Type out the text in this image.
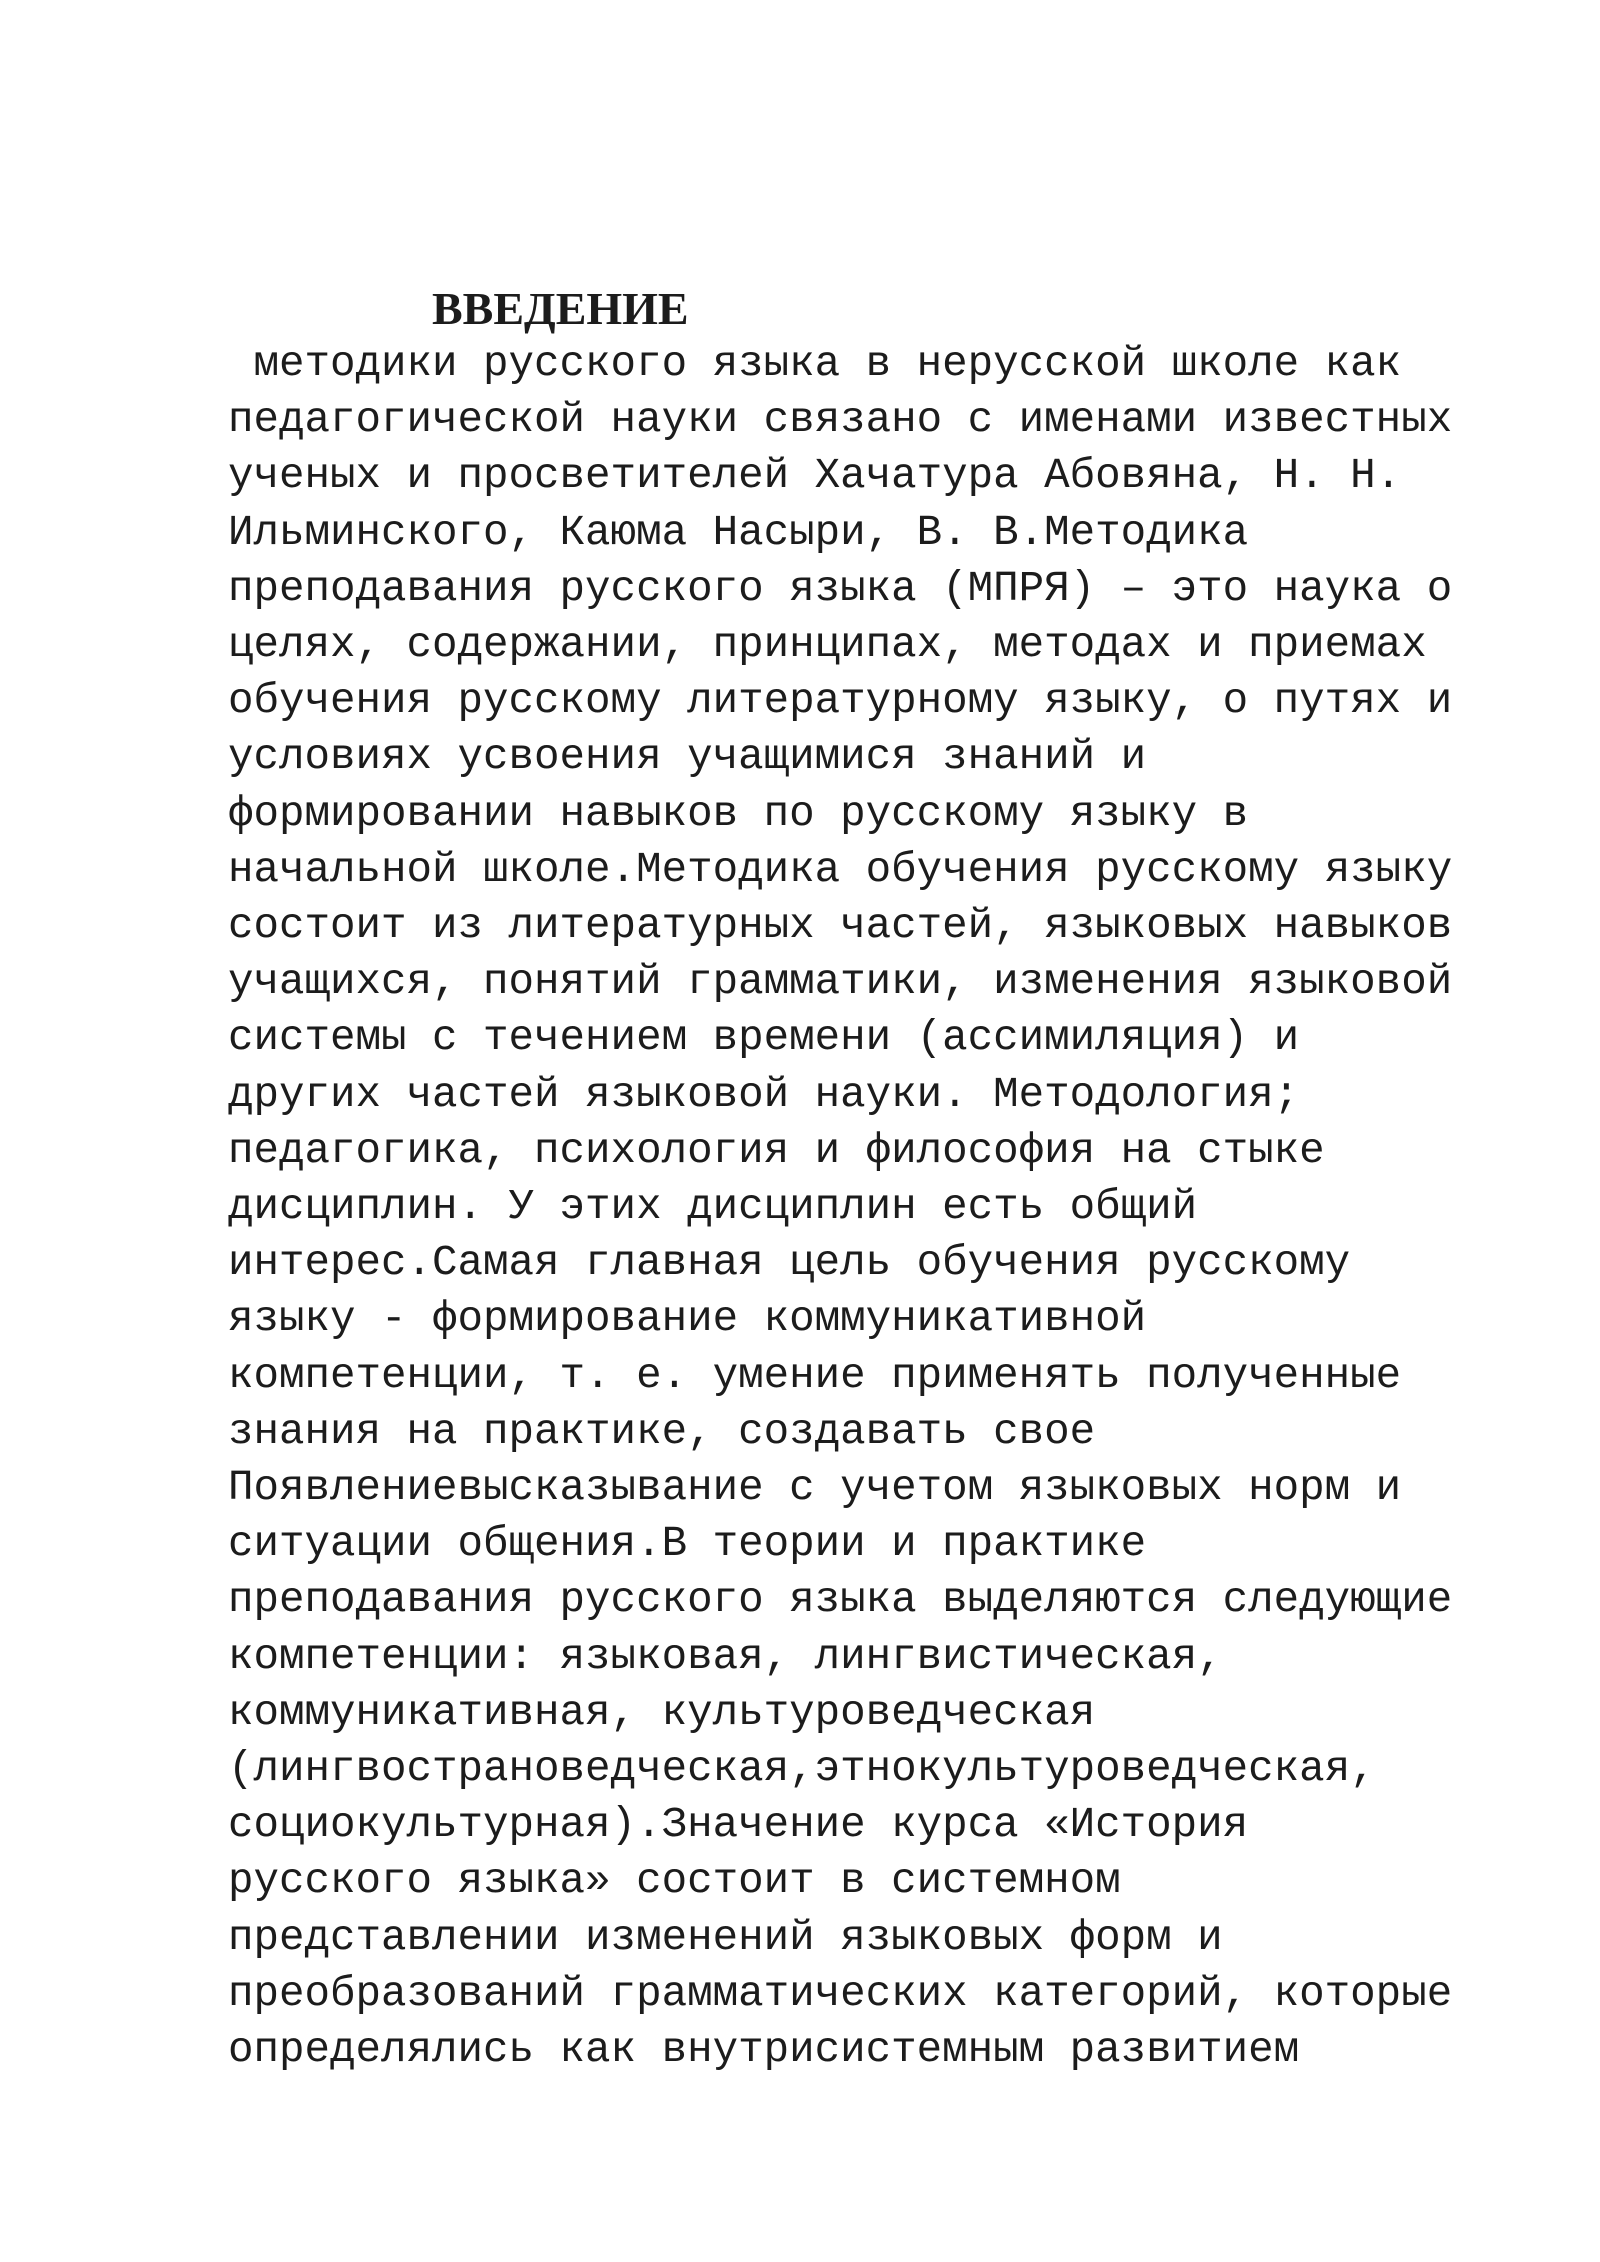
ВВЕДЕНИЕ
методики русского языка в нерусской школе как
педагогической науки связано с именами известных
ученых и просветителей Хачатура Абовяна, Н. Н.
Ильминского, Каюма Насыри, В. В.Методика
преподавания русского языка (МПРЯ) – это наука о
целях, содержании, принципах, методах и приемах
обучения русскому литературному языку, о путях и
условиях усвоения учащимися знаний и
формировании навыков по русскому языку в
начальной школе.Методика обучения русскому языку
состоит из литературных частей, языковых навыков
учащихся, понятий грамматики, изменения языковой
системы с течением времени (ассимиляция) и
других частей языковой науки. Методология;
педагогика, психология и философия на стыке
дисциплин. У этих дисциплин есть общий
интерес.Самая главная цель обучения русскому
языку - формирование коммуникативной
компетенции, т. е. умение применять полученные
знания на практике, создавать свое
Появлениевысказывание с учетом языковых норм и
ситуации общения.В теории и практике
преподавания русского языка выделяются следующие
компетенции: языковая, лингвистическая,
коммуникативная, культуроведческая
(лингвострановедческая,этнокультуроведческая,
социокультурная).Значение курса «История
русского языка» состоит в системном
представлении изменений языковых форм и
преобразований грамматических категорий, которые
определялись как внутрисистемным развитием
